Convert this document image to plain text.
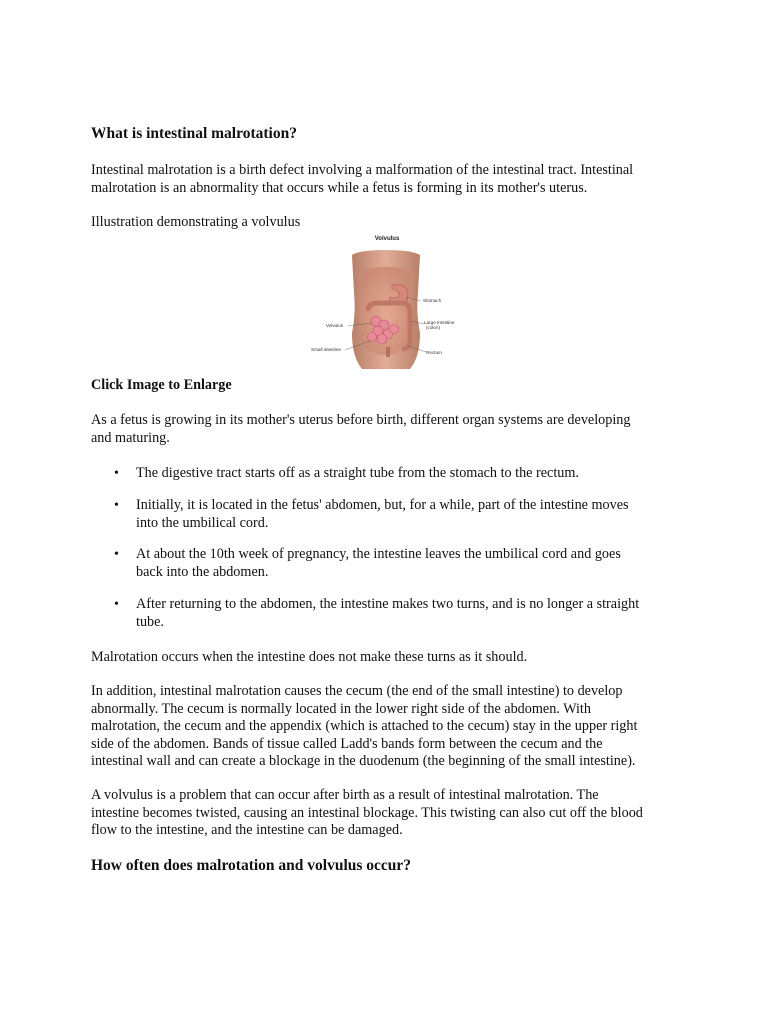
What is intestinal malrotation?

Intestinal malrotation is a birth defect involving a malformation of the intestinal tract. Intestinal
malrotation is an abnormality that occurs while a fetus is forming in its mother's uterus.

Illustration demonstrating a volvulus

Volvulus
Stomach
Volvulus
Large Intestine
(colon)
Small intestine
Rectum

Click Image to Enlarge

As a fetus is growing in its mother's uterus before birth, different organ systems are developing
and maturing.

• The digestive tract starts off as a straight tube from the stomach to the rectum.

• Initially, it is located in the fetus' abdomen, but, for a while, part of the intestine moves
into the umbilical cord.

• At about the 10th week of pregnancy, the intestine leaves the umbilical cord and goes
back into the abdomen.

• After returning to the abdomen, the intestine makes two turns, and is no longer a straight
tube.

Malrotation occurs when the intestine does not make these turns as it should.

In addition, intestinal malrotation causes the cecum (the end of the small intestine) to develop
abnormally. The cecum is normally located in the lower right side of the abdomen. With
malrotation, the cecum and the appendix (which is attached to the cecum) stay in the upper right
side of the abdomen. Bands of tissue called Ladd's bands form between the cecum and the
intestinal wall and can create a blockage in the duodenum (the beginning of the small intestine).

A volvulus is a problem that can occur after birth as a result of intestinal malrotation. The
intestine becomes twisted, causing an intestinal blockage. This twisting can also cut off the blood
flow to the intestine, and the intestine can be damaged.

How often does malrotation and volvulus occur?
